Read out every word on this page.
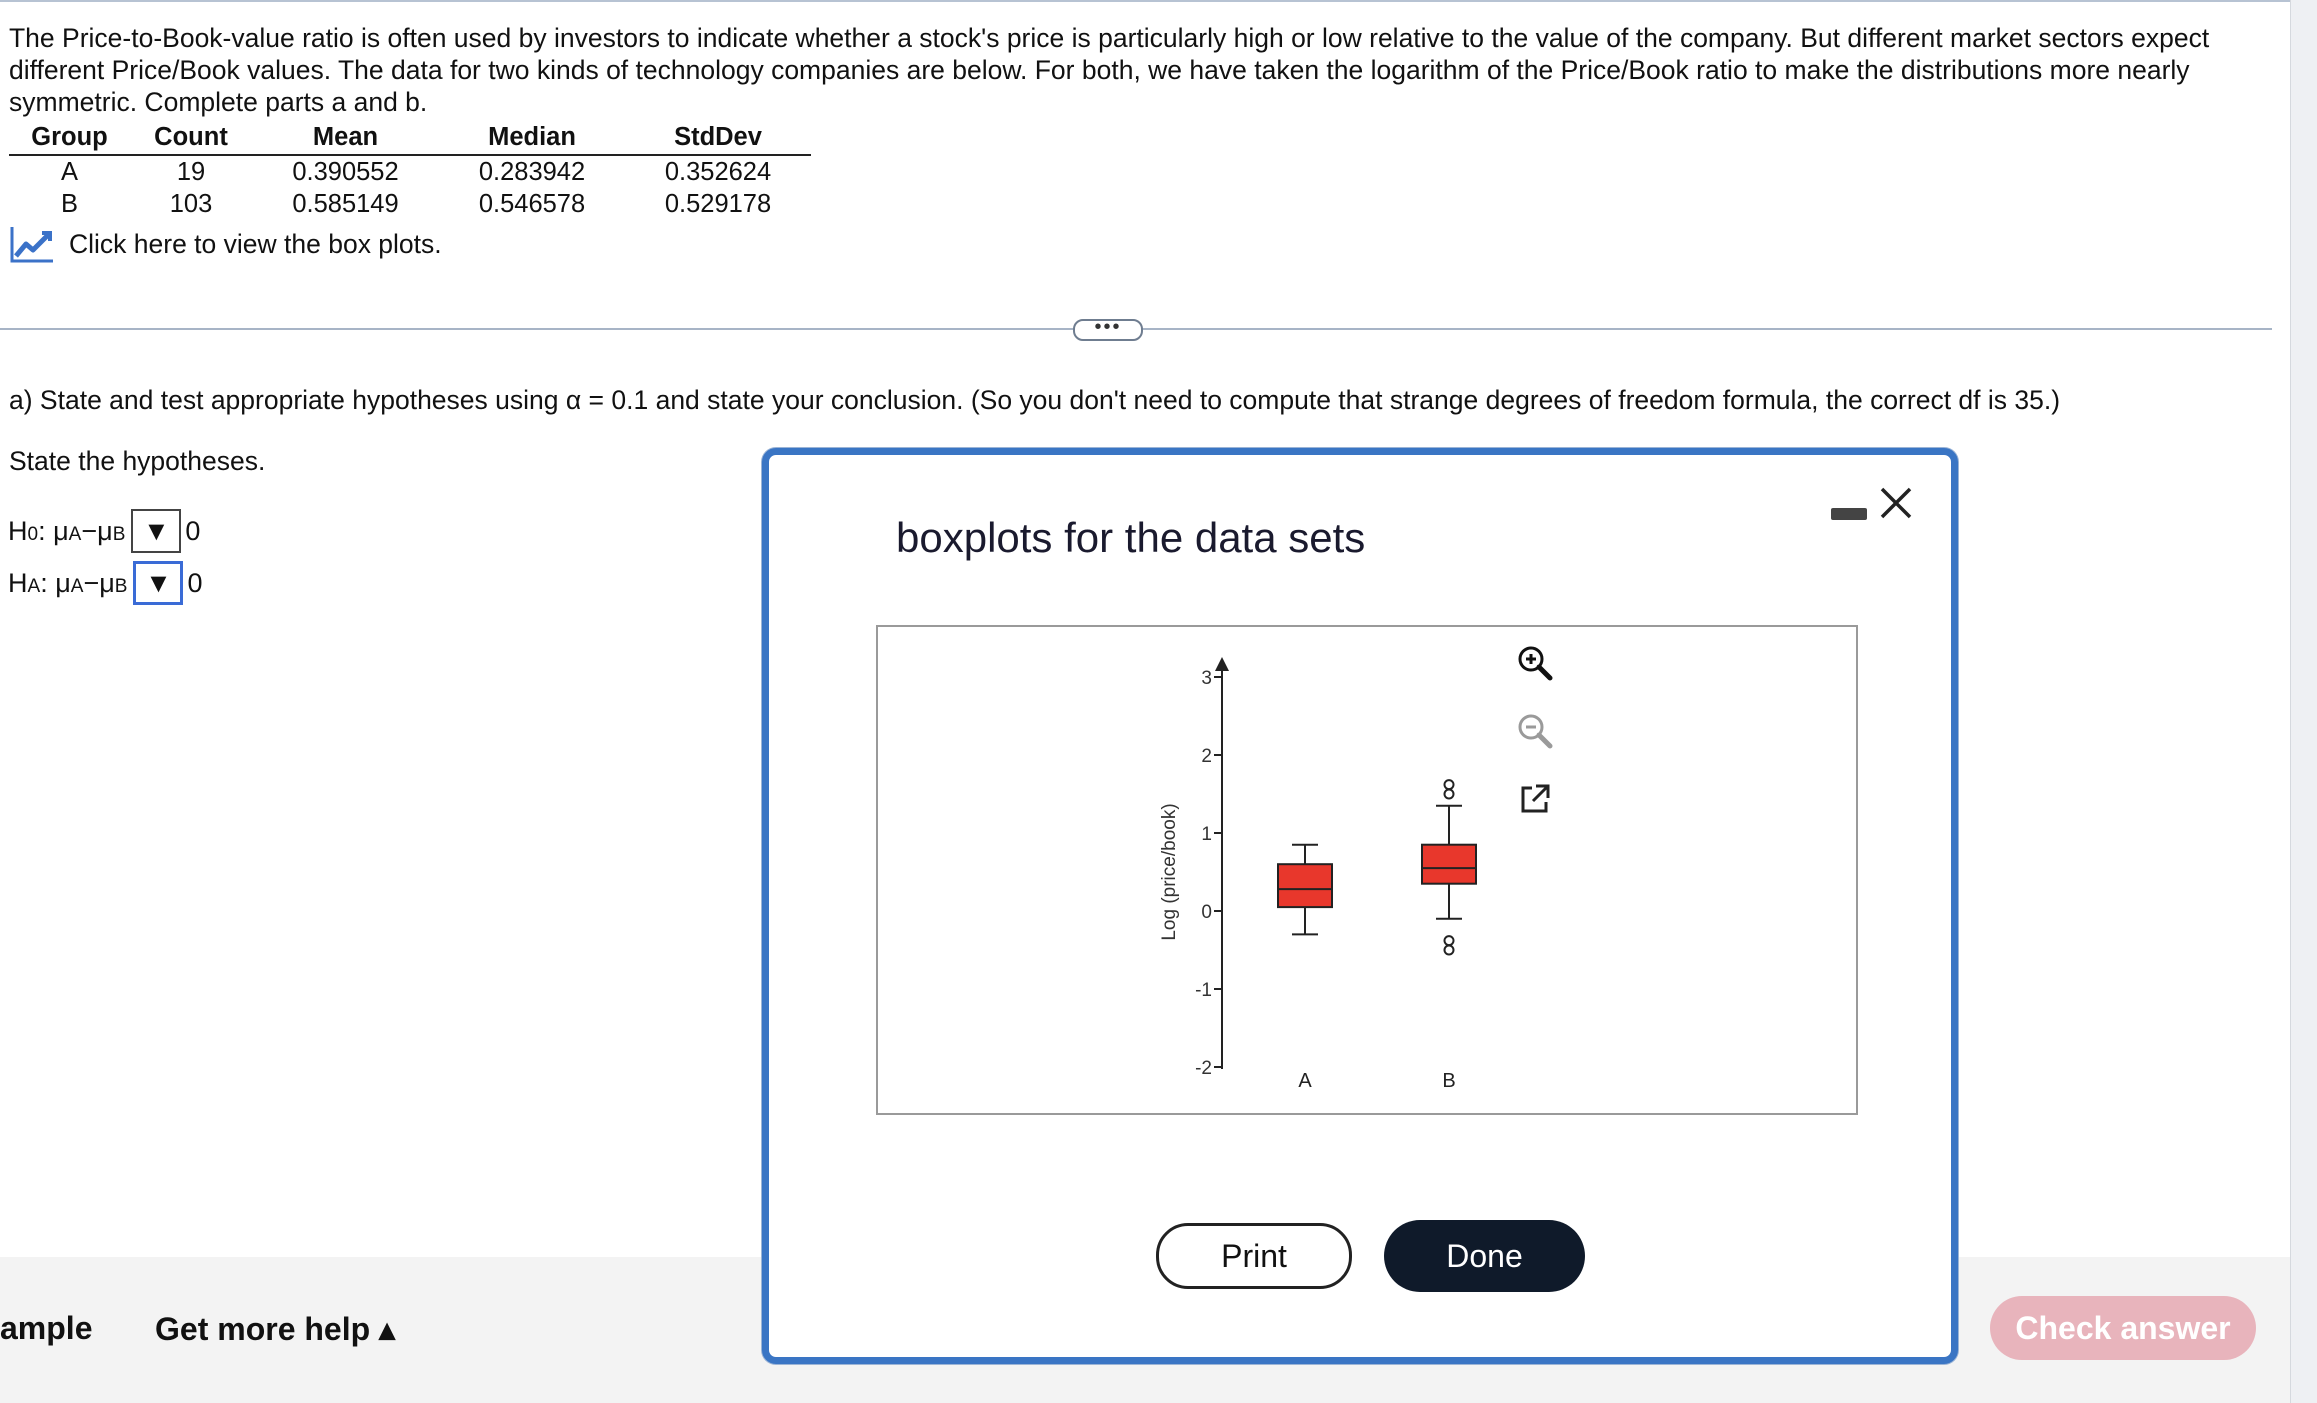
The Price-to-Book-value ratio is often used by investors to indicate whether a stock's price is particularly high or low relative to the value of the company. But different market sectors expect different Price/Book values. The data for two kinds of technology companies are below. For both, we have taken the logarithm of the Price/Book ratio to make the distributions more nearly symmetric. Complete parts a and b.

Group	Count	Mean	Median	StdDev
A	19	0.390552	0.283942	0.352624
B	103	0.585149	0.546578	0.529178
Click here to view the box plots.
•••

a) State and test appropriate hypotheses using α = 0.1 and state your conclusion. (So you don't need to compute that strange degrees of freedom formula, the correct df is 35.)

State the hypotheses.

H 0 : μ A − μ B ▼ 0
H A : μ A − μ B ▼ 0
ample Get more help ▴	Check answer
boxplots for the data sets
-2
-1
0
1
2
3
Log (price/book)
A	B
Print	Done
